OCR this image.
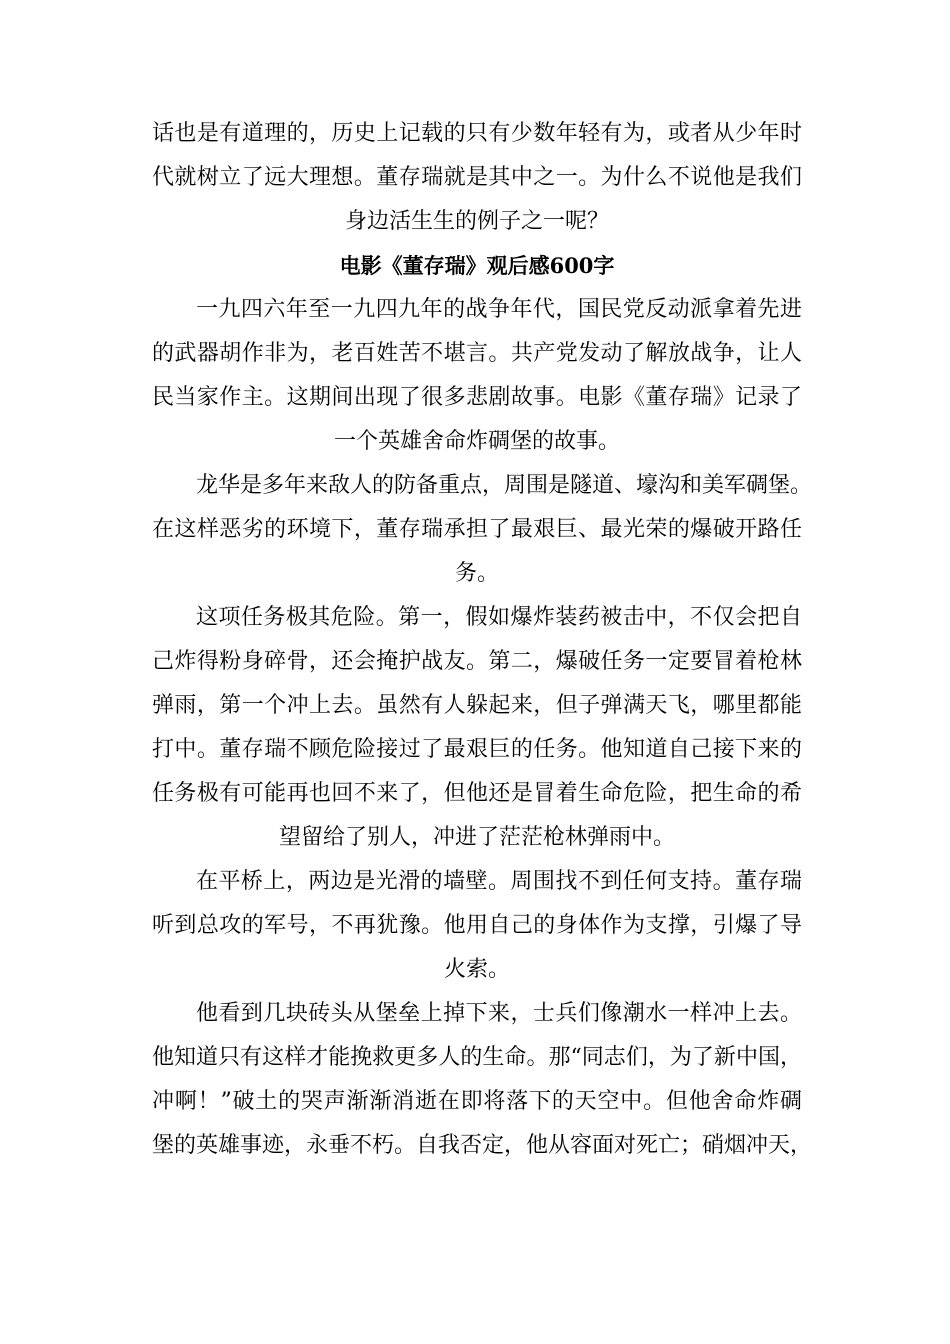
话也是有道理的，历史上记载的只有少数年轻有为，或者从少年时
代就树立了远大理想。董存瑞就是其中之一。为什么不说他是我们
身边活生生的例子之一呢？
电影《董存瑞》观后感600字
一九四六年至一九四九年的战争年代，国民党反动派拿着先进
的武器胡作非为，老百姓苦不堪言。共产党发动了解放战争，让人
民当家作主。这期间出现了很多悲剧故事。电影《董存瑞》记录了
一个英雄舍命炸碉堡的故事。
龙华是多年来敌人的防备重点，周围是隧道、壕沟和美军碉堡。
在这样恶劣的环境下，董存瑞承担了最艰巨、最光荣的爆破开路任
务。
这项任务极其危险。第一，假如爆炸装药被击中，不仅会把自
己炸得粉身碎骨，还会掩护战友。第二，爆破任务一定要冒着枪林
弹雨，第一个冲上去。虽然有人躲起来，但子弹满天飞，哪里都能
打中。董存瑞不顾危险接过了最艰巨的任务。他知道自己接下来的
任务极有可能再也回不来了，但他还是冒着生命危险，把生命的希
望留给了别人，冲进了茫茫枪林弹雨中。
在平桥上，两边是光滑的墙壁。周围找不到任何支持。董存瑞
听到总攻的军号，不再犹豫。他用自己的身体作为支撑，引爆了导
火索。
他看到几块砖头从堡垒上掉下来，士兵们像潮水一样冲上去。
他知道只有这样才能挽救更多人的生命。那“同志们，为了新中国，
冲啊！”破土的哭声渐渐消逝在即将落下的天空中。但他舍命炸碉
堡的英雄事迹，永垂不朽。自我否定，他从容面对死亡；硝烟冲天，
